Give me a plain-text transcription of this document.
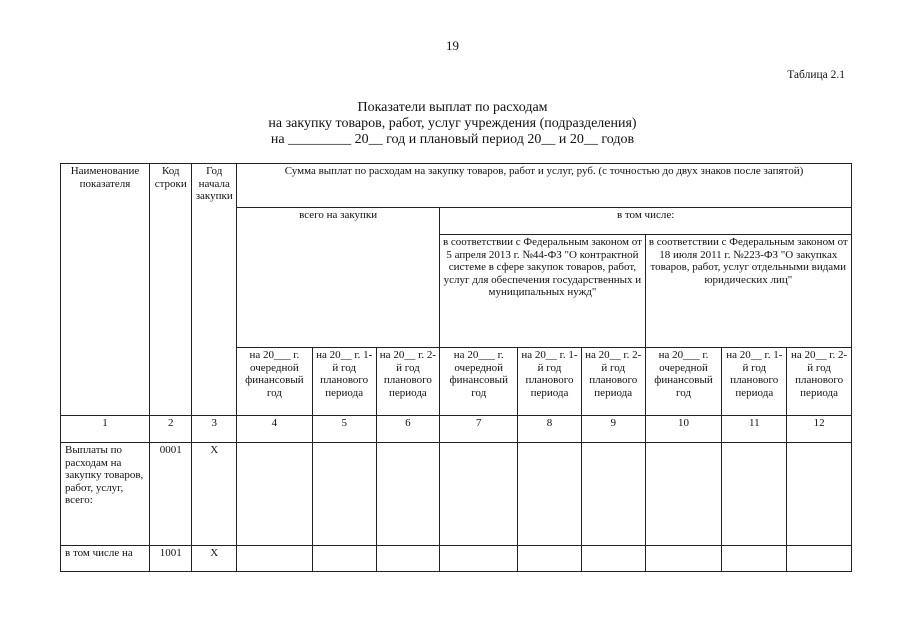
19
Таблица 2.1
Показатели выплат по расходам
на закупку товаров, работ, услуг учреждения (подразделения)
на _________ 20__ год и плановый период 20__ и 20__ годов
Наименование показателя	Код строки	Год начала закупки	Сумма выплат по расходам на закупку товаров, работ и услуг, руб. (с точностью до двух знаков после запятой)								
			всего на закупки			в том числе:					
						в соответствии с Федеральным законом от 5 апреля 2013 г. №44-ФЗ "О контрактной системе в сфере закупок товаров, работ, услуг для обеспечения государственных и муниципальных нужд"			в соответствии с Федеральным законом от 18 июля 2011 г. №223-ФЗ "О закупках товаров, работ, услуг отдельными видами юридических лиц"		
			на 20___ г. очередной финансовый год	на 20__ г. 1-й год планового периода	на 20__ г. 2-й год планового периода	на 20___ г. очередной финансовый год	на 20__ г. 1-й год планового периода	на 20__ г. 2-й год планового периода	на 20___ г. очередной финансовый год	на 20__ г. 1-й год планового периода	на 20__ г. 2-й год планового периода
1	2	3	4	5	6	7	8	9	10	11	12
Выплаты по расходам на закупку товаров, работ, услуг, всего:	0001	X									
в том числе на	1001	X									
